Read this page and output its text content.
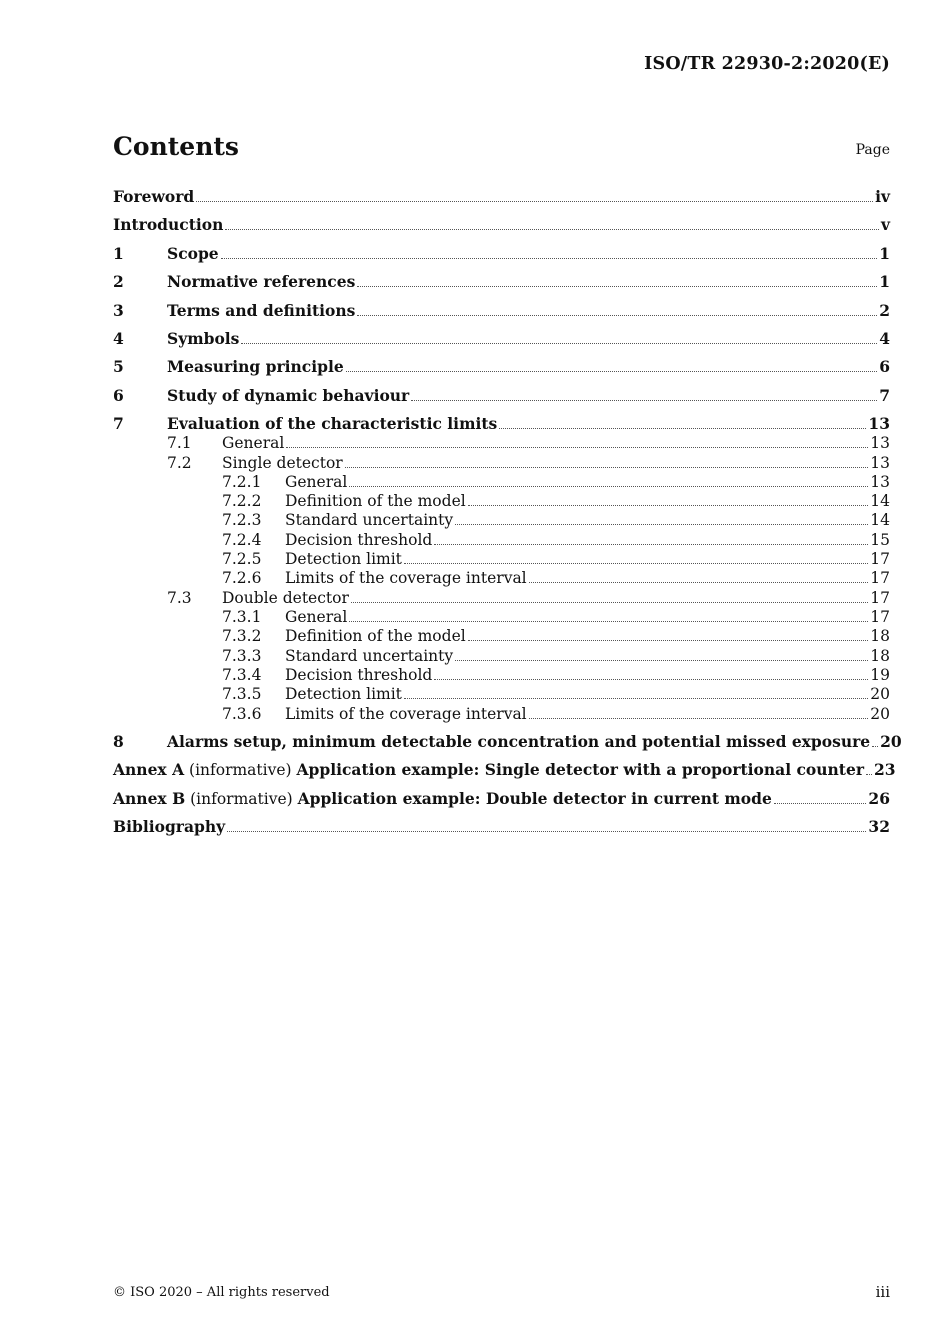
ISO/TR 22930-2:2020(E)
Contents	Page
Foreword	iv
Introduction	v
1	Scope	1
2	Normative references	1
3	Terms and definitions	2
4	Symbols	4
5	Measuring principle	6
6	Study of dynamic behaviour	7
7	Evaluation of the characteristic limits	13
7.1	General	13
7.2	Single detector	13
7.2.1	General	13
7.2.2	Definition of the model	14
7.2.3	Standard uncertainty	14
7.2.4	Decision threshold	15
7.2.5	Detection limit	17
7.2.6	Limits of the coverage interval	17
7.3	Double detector	17
7.3.1	General	17
7.3.2	Definition of the model	18
7.3.3	Standard uncertainty	18
7.3.4	Decision threshold	19
7.3.5	Detection limit	20
7.3.6	Limits of the coverage interval	20
8	Alarms setup, minimum detectable concentration and potential missed exposure 20
Annex A (informative) Application example: Single detector with a proportional counter 23
Annex B (informative) Application example: Double detector in current mode	26
Bibliography	32
© ISO 2020 – All rights reserved	iii
